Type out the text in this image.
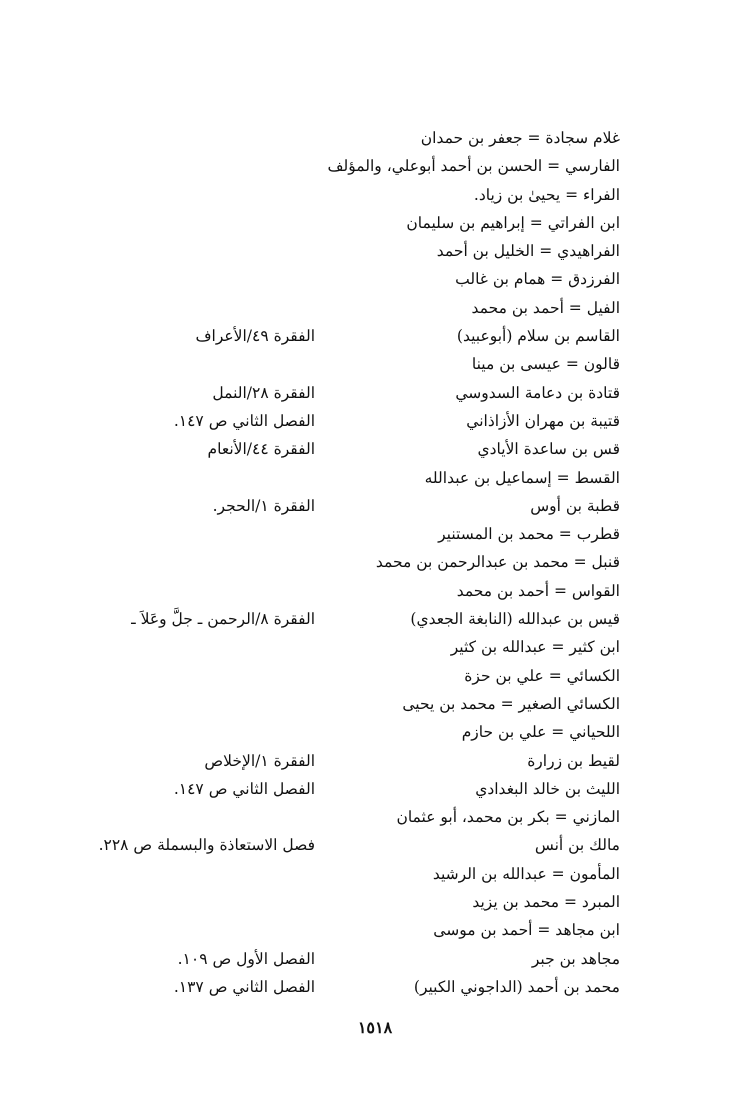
غلام سجادة = جعفر بن حمدان
الفارسي = الحسن بن أحمد أبوعلي، والمؤلف
الفراء = يحيىٰ بن زياد.
ابن الفراتي = إبراهيم بن سليمان
الفراهيدي = الخليل بن أحمد
الفرزدق = همام بن غالب
الفيل = أحمد بن محمد
القاسم بن سلام (أبوعبيد)
الفقرة ٤٩/الأعراف
قالون = عيسى بن مينا
قتادة بن دعامة السدوسي
الفقرة ٢٨/النمل
قتيبة بن مهران الأزاذاني
الفصل الثاني ص ١٤٧.
قس بن ساعدة الأيادي
الفقرة ٤٤/الأنعام
القسط = إسماعيل بن عبدالله
قطبة بن أوس
الفقرة ١/الحجر.
قطرب = محمد بن المستنير
قنبل = محمد بن عبدالرحمن بن محمد
القواس = أحمد بن محمد
قيس بن عبدالله (النابغة الجعدي)
الفقرة ٨/الرحمن ـ جلَّ وعَلاَ ـ
ابن كثير = عبدالله بن كثير
الكسائي = علي بن حزة
الكسائي الصغير = محمد بن يحيى
اللحياني = علي بن حازم
لقيط بن زرارة
الفقرة ١/الإخلاص
الليث بن خالد البغدادي
الفصل الثاني ص ١٤٧.
المازني = بكر بن محمد، أبو عثمان
مالك بن أنس
فصل الاستعاذة والبسملة ص ٢٢٨.
المأمون = عبدالله بن الرشيد
المبرد = محمد بن يزيد
ابن مجاهد = أحمد بن موسى
مجاهد بن جبر
الفصل الأول ص ١٠٩.
محمد بن أحمد (الداجوني الكبير)
الفصل الثاني ص ١٣٧.
١٥١٨
